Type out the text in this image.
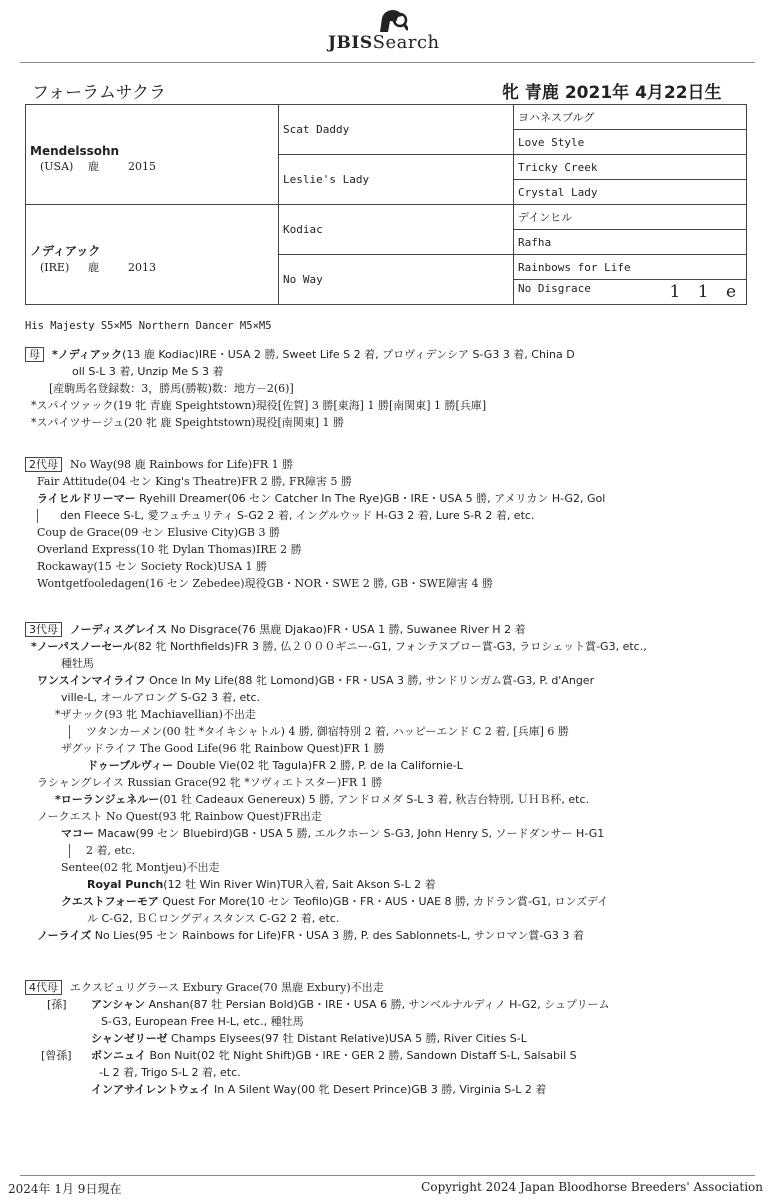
JBISSearch
フォーラムサクラ	牝 青鹿 2021年 4月22日生
Mendelssohn
(USA) 鹿 2015	Scat Daddy	ヨハネスブルグ
		Love Style
	Leslie's Lady	Tricky Creek
		Crystal Lady

ノディアック
(IRE) 鹿 2013	Kodiac	デインヒル
		Rafha
	No Way	Rainbows for Life
		No Disgrace 1 1 e
His Majesty S5×M5 Northern Dancer M5×M5
母 *ノディアック(13 鹿 Kodiac)IRE・USA 2 勝, Sweet Life S 2 着, プロヴィデンシア S-G3 3 着, China D
oll S-L 3 着, Unzip Me S 3 着
[産駒馬名登録数：3，勝馬(勝鞍)数：地方－2(6)]
*スパイツァック(19 牝 青鹿 Speightstown)現役[佐賀] 3 勝[東海] 1 勝[南関東] 1 勝[兵庫]
*スパイツサージュ(20 牝 鹿 Speightstown)現役[南関東] 1 勝
2代母 No Way(98 鹿 Rainbows for Life)FR 1 勝
Fair Attitude(04 セン King's Theatre)FR 2 勝, FR障害 5 勝
ライヒルドリーマー Ryehill Dreamer(06 セン Catcher In The Rye)GB・IRE・USA 5 勝, アメリカン H-G2, Gol
den Fleece S-L, 愛フュチュリティ S-G2 2 着, イングルウッド H-G3 2 着, Lure S-R 2 着, etc.
Coup de Grace(09 セン Elusive City)GB 3 勝
Overland Express(10 牝 Dylan Thomas)IRE 2 勝
Rockaway(15 セン Society Rock)USA 1 勝
Wontgetfooledagen(16 セン Zebedee)現役GB・NOR・SWE 2 勝, GB・SWE障害 4 勝
3代母 ノーディスグレイス No Disgrace(76 黒鹿 Djakao)FR・USA 1 勝, Suwanee River H 2 着
*ノーパスノーセール(82 牝 Northfields)FR 3 勝, 仏２０００ギニー-G1, フォンテヌブロー賞-G3, ラロシェット賞-G3, etc.,
種牡馬
ワンスインマイライフ Once In My Life(88 牝 Lomond)GB・FR・USA 3 勝, サンドリンガム賞-G3, P. d'Anger
ville-L, オールアロング S-G2 3 着, etc.
*ザナック(93 牝 Machiavellian)不出走
ツタンカーメン(00 牡 *タイキシャトル) 4 勝, 御宿特別 2 着, ハッピーエンド C 2 着, [兵庫] 6 勝
ザグッドライフ The Good Life(96 牝 Rainbow Quest)FR 1 勝
ドゥーブルヴィー Double Vie(02 牝 Tagula)FR 2 勝, P. de la Californie-L
ラシャングレイス Russian Grace(92 牝 *ソヴィエトスター)FR 1 勝
*ローランジェネルー(01 牡 Cadeaux Genereux) 5 勝, アンドロメダ S-L 3 着, 秋吉台特別, ＵＨＢ杯, etc.
ノークエスト No Quest(93 牝 Rainbow Quest)FR出走
マコー Macaw(99 セン Bluebird)GB・USA 5 勝, エルクホーン S-G3, John Henry S, ソードダンサー H-G1
2 着, etc.
Sentee(02 牝 Montjeu)不出走
Royal Punch(12 牡 Win River Win)TUR入着, Sait Akson S-L 2 着
クエストフォーモア Quest For More(10 セン Teofilo)GB・FR・AUS・UAE 8 勝, カドラン賞-G1, ロンズデイ
ル C-G2, ＢＣロングディスタンス C-G2 2 着, etc.
ノーライズ No Lies(95 セン Rainbows for Life)FR・USA 3 勝, P. des Sablonnets-L, サンロマン賞-G3 3 着
4代母 エクスビュリグラース Exbury Grace(70 黒鹿 Exbury)不出走
[孫] アンシャン Anshan(87 牡 Persian Bold)GB・IRE・USA 6 勝, サンベルナルディノ H-G2, シュプリーム
S-G3, European Free H-L, etc., 種牡馬
シャンゼリーゼ Champs Elysees(97 牡 Distant Relative)USA 5 勝, River Cities S-L
[曾孫] ボンニュイ Bon Nuit(02 牝 Night Shift)GB・IRE・GER 2 勝, Sandown Distaff S-L, Salsabil S
-L 2 着, Trigo S-L 2 着, etc.
インアサイレントウェイ In A Silent Way(00 牝 Desert Prince)GB 3 勝, Virginia S-L 2 着
2024年 1月 9日現在	Copyright 2024 Japan Bloodhorse Breeders' Association
